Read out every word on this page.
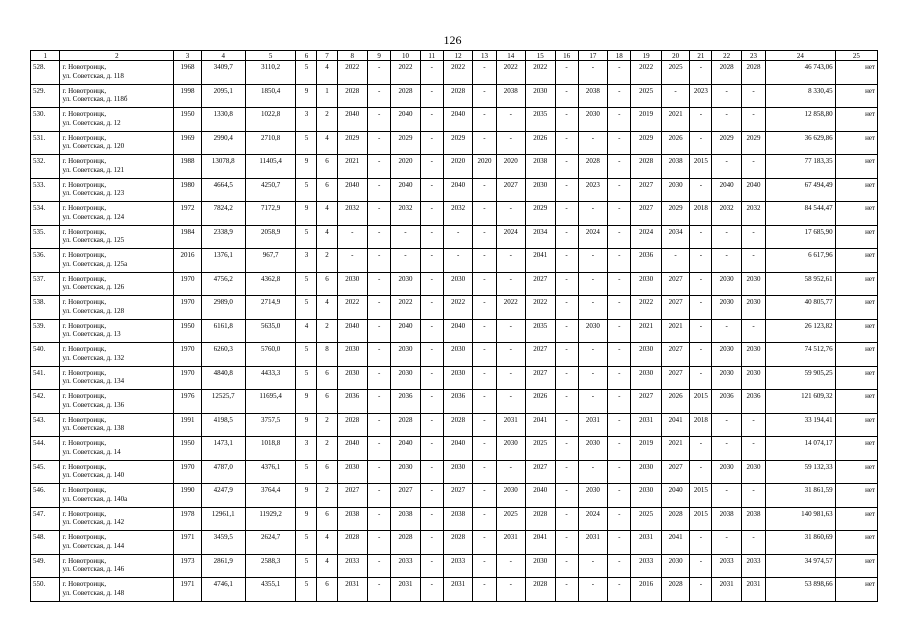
126
1	2	3	4	5	6	7	8	9	10	11	12	13	14	15	16	17	18	19	20	21	22	23	24	25
528.	г. Новотроицк,
ул. Советская, д. 118	1968	3409,7	3110,2	5	4	2022	-	2022	-	2022	-	2022	2022	-	-	-	2022	2025	-	2028	2028	46 743,06	нет
529.	г. Новотроицк,
ул. Советская, д. 118б	1998	2095,1	1850,4	9	1	2028	-	2028	-	2028	-	2038	2030	-	2038	-	2025	-	2023	-	-	8 330,45	нет
530.	г. Новотроицк,
ул. Советская, д. 12	1950	1330,8	1022,8	3	2	2040	-	2040	-	2040	-	-	2035	-	2030	-	2019	2021	-	-	-	12 858,80	нет
531.	г. Новотроицк,
ул. Советская, д. 120	1969	2990,4	2710,8	5	4	2029	-	2029	-	2029	-	-	2026	-	-	-	2029	2026	-	2029	2029	36 629,86	нет
532.	г. Новотроицк,
ул. Советская, д. 121	1988	13078,8	11405,4	9	6	2021	-	2020	-	2020	2020	2020	2038	-	2028	-	2028	2038	2015	-	-	77 183,35	нет
533.	г. Новотроицк,
ул. Советская, д. 123	1980	4664,5	4250,7	5	6	2040	-	2040	-	2040	-	2027	2030	-	2023	-	2027	2030	-	2040	2040	67 494,49	нет
534.	г. Новотроицк,
ул. Советская, д. 124	1972	7824,2	7172,9	9	4	2032	-	2032	-	2032	-	-	2029	-	-	-	2027	2029	2018	2032	2032	84 544,47	нет
535.	г. Новотроицк,
ул. Советская, д. 125	1984	2338,9	2058,9	5	4	-	-	-	-	-	-	2024	2034	-	2024	-	2024	2034	-	-	-	17 685,90	нет
536.	г. Новотроицк,
ул. Советская, д. 125а	2016	1376,1	967,7	3	2	-	-	-	-	-	-	-	2041	-	-	-	2036	-	-	-	-	6 617,96	нет
537.	г. Новотроицк,
ул. Советская, д. 126	1970	4756,2	4362,8	5	6	2030	-	2030	-	2030	-	-	2027	-	-	-	2030	2027	-	2030	2030	58 952,61	нет
538.	г. Новотроицк,
ул. Советская, д. 128	1970	2989,0	2714,9	5	4	2022	-	2022	-	2022	-	2022	2022	-	-	-	2022	2027	-	2030	2030	40 805,77	нет
539.	г. Новотроицк,
ул. Советская, д. 13	1950	6161,8	5635,0	4	2	2040	-	2040	-	2040	-	-	2035	-	2030	-	2021	2021	-	-	-	26 123,82	нет
540.	г. Новотроицк,
ул. Советская, д. 132	1970	6260,3	5760,0	5	8	2030	-	2030	-	2030	-	-	2027	-	-	-	2030	2027	-	2030	2030	74 512,76	нет
541.	г. Новотроицк,
ул. Советская, д. 134	1970	4840,8	4433,3	5	6	2030	-	2030	-	2030	-	-	2027	-	-	-	2030	2027	-	2030	2030	59 905,25	нет
542.	г. Новотроицк,
ул. Советская, д. 136	1976	12525,7	11695,4	9	6	2036	-	2036	-	2036	-	-	2026	-	-	-	2027	2026	2015	2036	2036	121 609,32	нет
543.	г. Новотроицк,
ул. Советская, д. 138	1991	4198,5	3757,5	9	2	2028	-	2028	-	2028	-	2031	2041	-	2031	-	2031	2041	2018	-	-	33 194,41	нет
544.	г. Новотроицк,
ул. Советская, д. 14	1950	1473,1	1018,8	3	2	2040	-	2040	-	2040	-	2030	2025	-	2030	-	2019	2021	-	-	-	14 074,17	нет
545.	г. Новотроицк,
ул. Советская, д. 140	1970	4787,0	4376,1	5	6	2030	-	2030	-	2030	-	-	2027	-	-	-	2030	2027	-	2030	2030	59 132,33	нет
546.	г. Новотроицк,
ул. Советская, д. 140а	1990	4247,9	3764,4	9	2	2027	-	2027	-	2027	-	2030	2040	-	2030	-	2030	2040	2015	-	-	31 861,59	нет
547.	г. Новотроицк,
ул. Советская, д. 142	1978	12961,1	11929,2	9	6	2038	-	2038	-	2038	-	2025	2028	-	2024	-	2025	2028	2015	2038	2038	140 981,63	нет
548.	г. Новотроицк,
ул. Советская, д. 144	1971	3459,5	2624,7	5	4	2028	-	2028	-	2028	-	2031	2041	-	2031	-	2031	2041	-	-	-	31 860,69	нет
549.	г. Новотроицк,
ул. Советская, д. 146	1973	2861,9	2588,3	5	4	2033	-	2033	-	2033	-	-	2030	-	-	-	2033	2030	-	2033	2033	34 974,57	нет
550.	г. Новотроицк,
ул. Советская, д. 148	1971	4746,1	4355,1	5	6	2031	-	2031	-	2031	-	-	2028	-	-	-	2016	2028	-	2031	2031	53 898,66	нет
